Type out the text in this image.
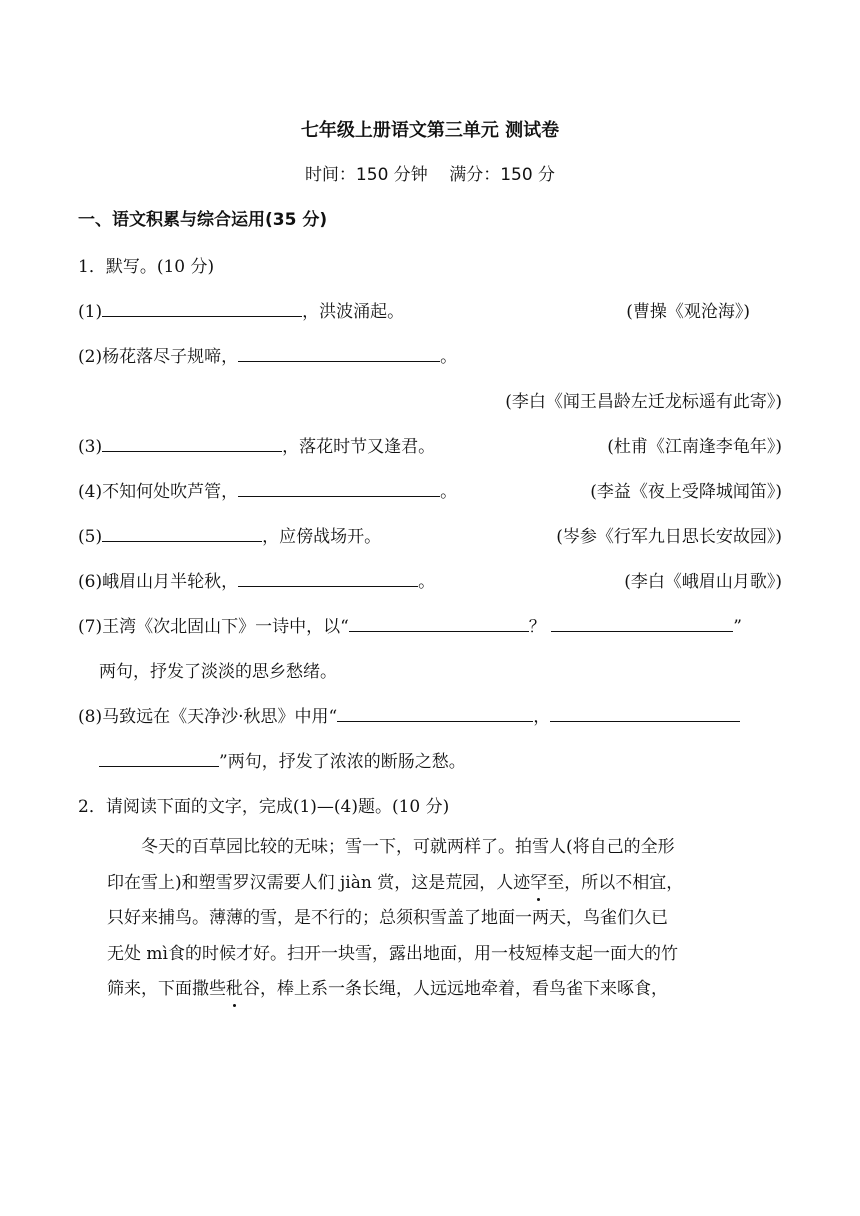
七年级上册语文第三单元 测试卷
时间：150 分钟 满分：150 分
一、语文积累与综合运用(35 分)
1．默写。(10 分)
(1)	，洪波涌起。	(曹操《观沧海》)
(2)杨花落尽子规啼，	。
(李白《闻王昌龄左迁龙标遥有此寄》)
(3)	，落花时节又逢君。	(杜甫《江南逢李龟年》)
(4)不知何处吹芦管，	。	(李益《夜上受降城闻笛》)
(5)	，应傍战场开。	(岑参《行军九日思长安故园》)
(6)峨眉山月半轮秋，	。	(李白《峨眉山月歌》)
(7)王湾《次北固山下》一诗中，以“	？	”
两句，抒发了淡淡的思乡愁绪。
(8)马致远在《天净沙·秋思》中用“	，
”两句，抒发了浓浓的断肠之愁。
2．请阅读下面的文字，完成(1)—(4)题。(10 分)
冬天的百草园比较的无味；雪一下，可就两样了。拍雪人(将自己的全形
印在雪上)和塑雪罗汉需要人们 jiàn 赏，这是荒园，人迹罕至，所以不相宜，
只好来捕鸟。薄薄的雪，是不行的；总须积雪盖了地面一两天，鸟雀们久已
无处 mì食的时候才好。扫开一块雪，露出地面，用一枝短棒支起一面大的竹
筛来，下面撒些秕谷，棒上系一条长绳，人远远地牵着，看鸟雀下来啄食，
